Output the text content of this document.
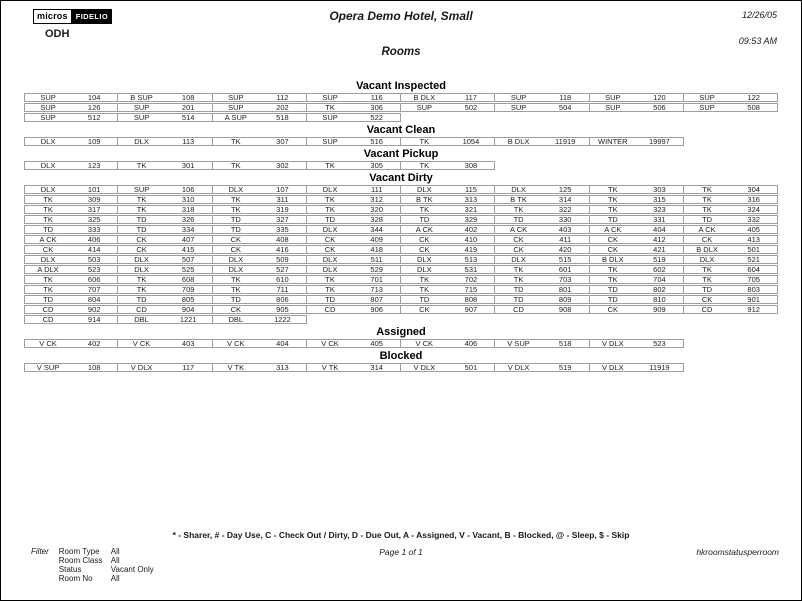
micros	FIDELIO
ODH
Opera Demo Hotel, Small	12/26/05
09:53 AM
Rooms
Vacant Inspected
SUP	104	B SUP	108	SUP	112	SUP	116	B DLX	117	SUP	118	SUP	120	SUP	122
SUP	126	SUP	201	SUP	202	TK	306	SUP	502	SUP	504	SUP	506	SUP	508
SUP	512	SUP	514	A SUP	518	SUP	522
Vacant Clean
DLX	109	DLX	113	TK	307	SUP	516	TK	1054	B DLX	11919	WINTER	19997
Vacant Pickup
DLX	123	TK	301	TK	302	TK	305	TK	308
Vacant Dirty
DLX	101	SUP	106	DLX	107	DLX	111	DLX	115	DLX	125	TK	303	TK	304
TK	309	TK	310	TK	311	TK	312	B TK	313	B TK	314	TK	315	TK	316
TK	317	TK	318	TK	319	TK	320	TK	321	TK	322	TK	323	TK	324
TK	325	TD	326	TD	327	TD	328	TD	329	TD	330	TD	331	TD	332
TD	333	TD	334	TD	335	DLX	344	A CK	402	A CK	403	A CK	404	A CK	405
A CK	406	CK	407	CK	408	CK	409	CK	410	CK	411	CK	412	CK	413
CK	414	CK	415	CK	416	CK	418	CK	419	CK	420	CK	421	B DLX	501
DLX	503	DLX	507	DLX	509	DLX	511	DLX	513	DLX	515	B DLX	519	DLX	521
A DLX	523	DLX	525	DLX	527	DLX	529	DLX	531	TK	601	TK	602	TK	604
TK	606	TK	608	TK	610	TK	701	TK	702	TK	703	TK	704	TK	705
TK	707	TK	709	TK	711	TK	713	TK	715	TD	801	TD	802	TD	803
TD	804	TD	805	TD	806	TD	807	TD	808	TD	809	TD	810	CK	901
CD	902	CD	904	CK	905	CD	906	CK	907	CD	908	CK	909	CD	912
CD	914	DBL	1221	DBL	1222
Assigned
V CK	402	V CK	403	V CK	404	V CK	405	V CK	406	V SUP	518	V DLX	523
Blocked
V SUP	108	V DLX	117	V TK	313	V TK	314	V DLX	501	V DLX	519	V DLX	11919
* - Sharer, # - Day Use, C - Check Out / Dirty, D - Due Out, A - Assigned, V - Vacant, B - Blocked, @ - Sleep, $ - Skip
Page 1 of 1	hkroomstatusperroom
Filter Room Type	All
Room Class	All
Status	Vacant Only
Room No	All
